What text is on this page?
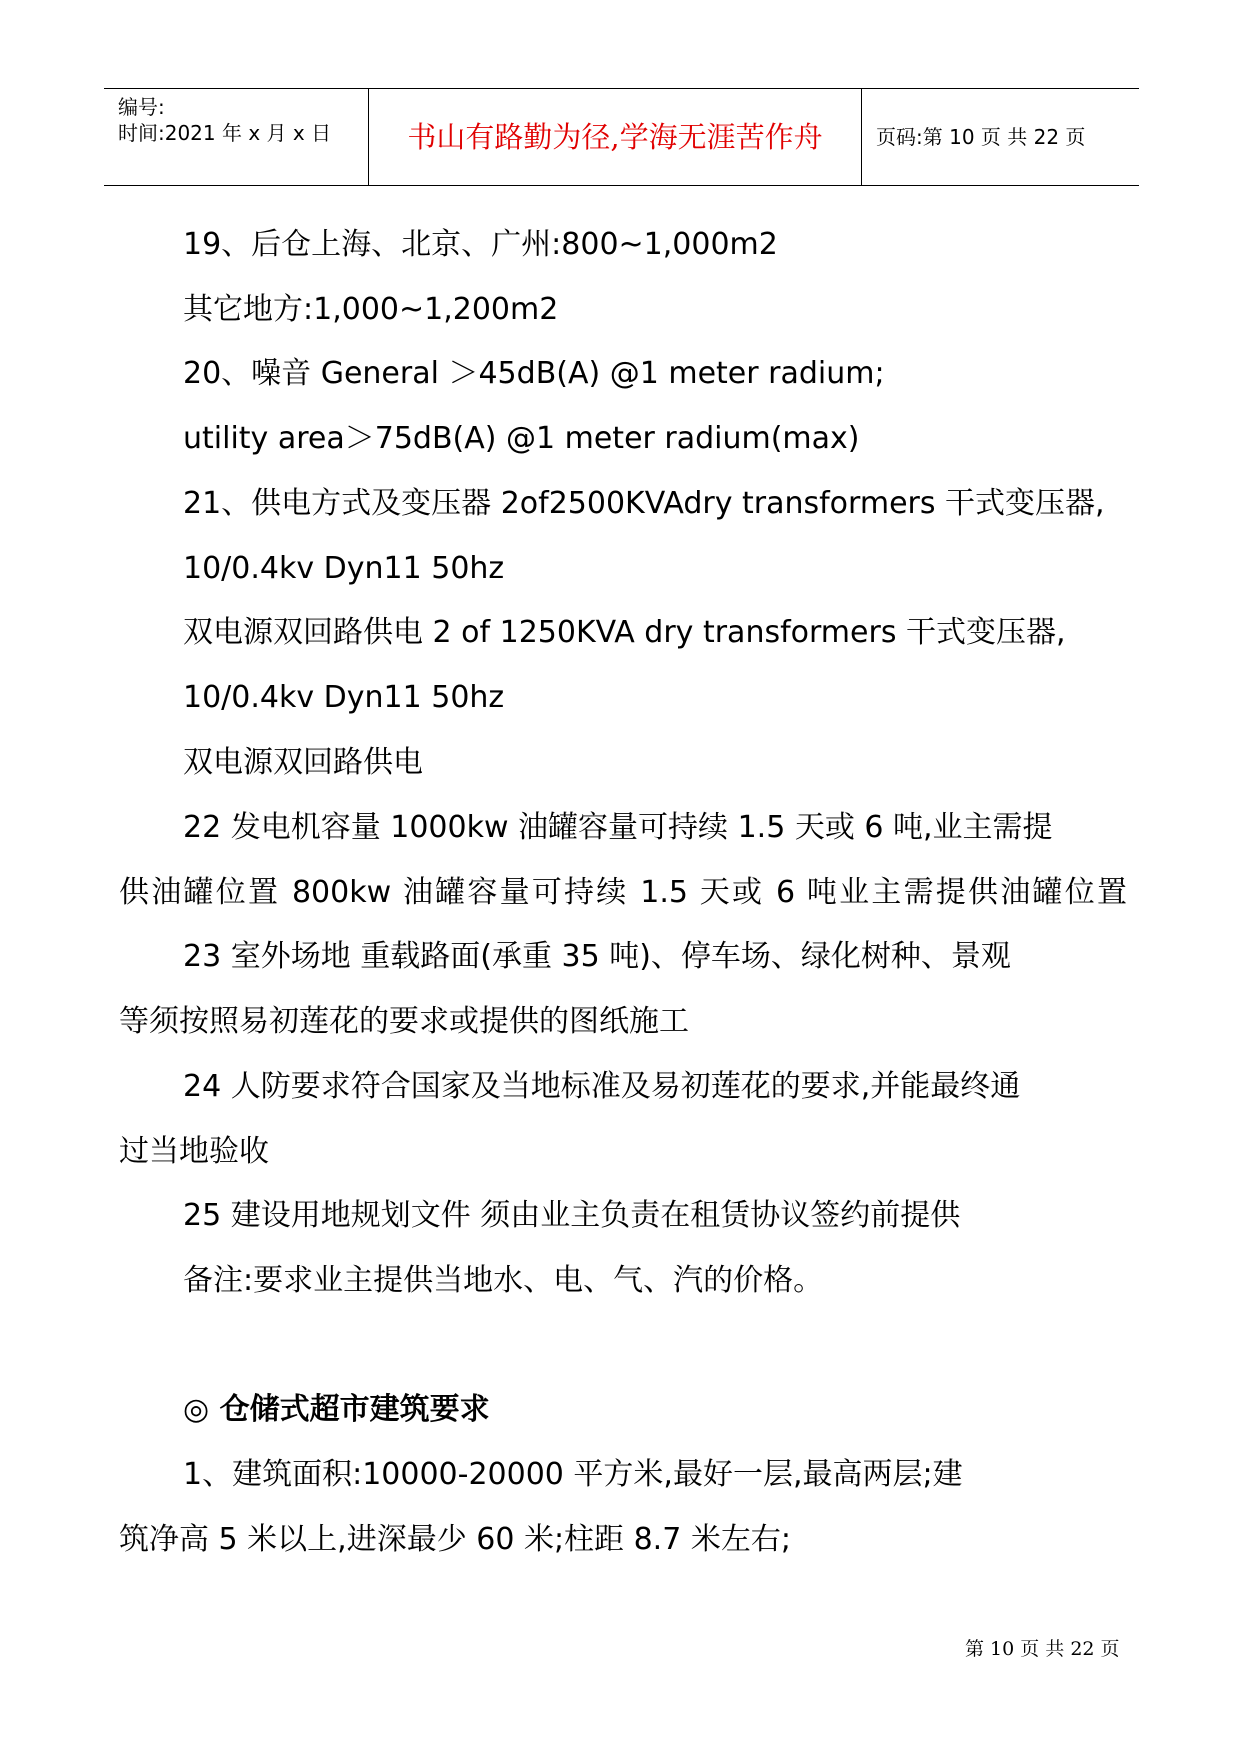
编号:
时间:2021 年 x 月 x 日	书山有路勤为径,学海无涯苦作舟	页码:第 10 页 共 22 页
19、后仓上海、北京、广州:800~1,000m2
其它地方:1,000~1,200m2
20、噪音 General ＞45dB(A) @1 meter radium;
utility area＞75dB(A) @1 meter radium(max)
21、供电方式及变压器 2of2500KVAdry transformers 干式变压器,
10/0.4kv Dyn11 50hz
双电源双回路供电 2 of 1250KVA dry transformers 干式变压器,
10/0.4kv Dyn11 50hz
双电源双回路供电
22 发电机容量 1000kw 油罐容量可持续 1.5 天或 6 吨,业主需提
供油罐位置 800kw 油罐容量可持续 1.5 天或 6 吨业主需提供油罐位置
23 室外场地 重载路面(承重 35 吨)、停车场、绿化树种、景观
等须按照易初莲花的要求或提供的图纸施工
24 人防要求符合国家及当地标准及易初莲花的要求,并能最终通
过当地验收
25 建设用地规划文件 须由业主负责在租赁协议签约前提供
备注:要求业主提供当地水、电、气、汽的价格。
◎ 仓储式超市建筑要求
1、建筑面积:10000-20000 平方米,最好一层,最高两层;建
筑净高 5 米以上,进深最少 60 米;柱距 8.7 米左右;
第 10 页 共 22 页
